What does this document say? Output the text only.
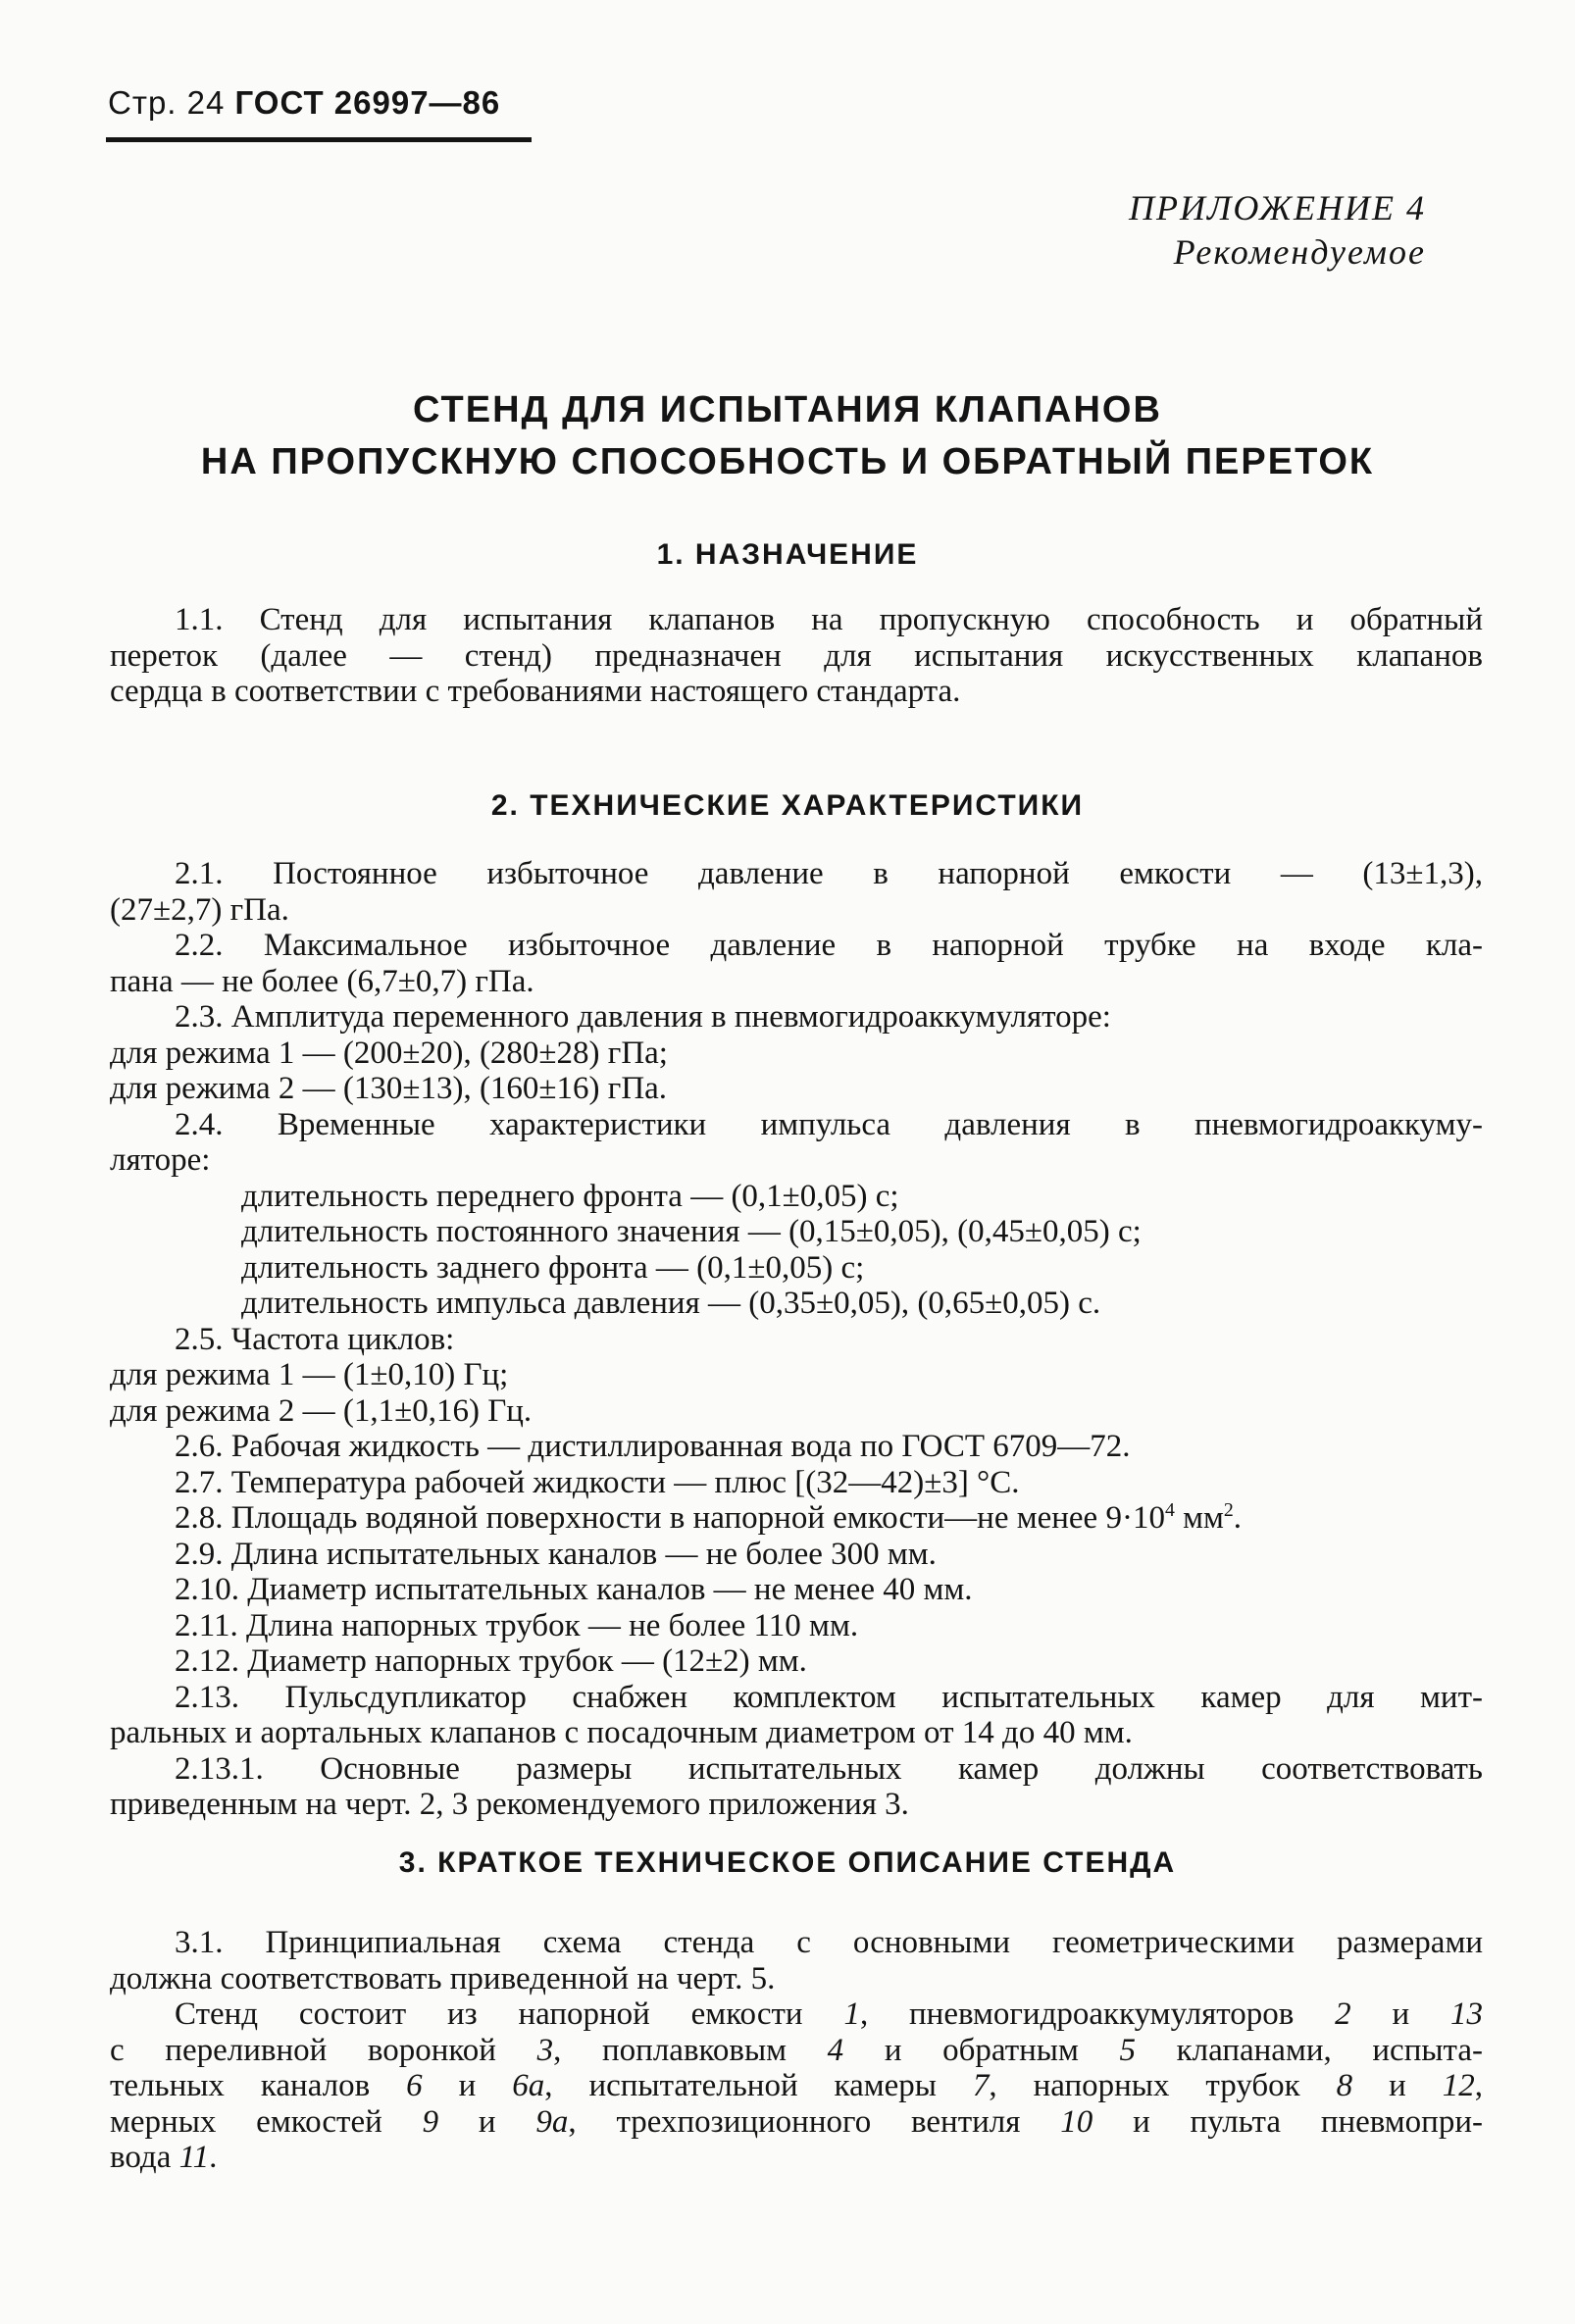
Стр. 24 ГОСТ 26997—86
ПРИЛОЖЕНИЕ 4
Рекомендуемое
СТЕНД ДЛЯ ИСПЫТАНИЯ КЛАПАНОВ
НА ПРОПУСКНУЮ СПОСОБНОСТЬ И ОБРАТНЫЙ ПЕРЕТОК
1. НАЗНАЧЕНИЕ

1.1. Стенд для испытания клапанов на пропускную способность и обратный

переток (далее — стенд) предназначен для испытания искусственных клапанов

сердца в соответствии с требованиями настоящего стандарта.

2. ТЕХНИЧЕСКИЕ ХАРАКТЕРИСТИКИ

2.1. Постоянное избыточное давление в напорной емкости — (13±1,3),

(27±2,7) гПа.

2.2. Максимальное избыточное давление в напорной трубке на входе кла-

пана — не более (6,7±0,7) гПа.

2.3. Амплитуда переменного давления в пневмогидроаккумуляторе:

для режима 1 — (200±20), (280±28) гПа;

для режима 2 — (130±13), (160±16) гПа.

2.4. Временные характеристики импульса давления в пневмогидроаккуму-

ляторе:

длительность переднего фронта — (0,1±0,05) с;

длительность постоянного значения — (0,15±0,05), (0,45±0,05) с;

длительность заднего фронта — (0,1±0,05) с;

длительность импульса давления — (0,35±0,05), (0,65±0,05) с.

2.5. Частота циклов:

для режима 1 — (1±0,10) Гц;

для режима 2 — (1,1±0,16) Гц.

2.6. Рабочая жидкость — дистиллированная вода по ГОСТ 6709—72.

2.7. Температура рабочей жидкости — плюс [(32—42)±3] °С.

2.8. Площадь водяной поверхности в напорной емкости—не менее $9\cdot 10^4$ $мм^2$.

2.9. Длина испытательных каналов — не более 300 мм.

2.10. Диаметр испытательных каналов — не менее 40 мм.

2.11. Длина напорных трубок — не более 110 мм.

2.12. Диаметр напорных трубок — (12±2) мм.

2.13. Пульсдупликатор снабжен комплектом испытательных камер для мит-

ральных и аортальных клапанов с посадочным диаметром от 14 до 40 мм.

2.13.1. Основные размеры испытательных камер должны соответствовать

приведенным на черт. 2, 3 рекомендуемого приложения 3.

3. КРАТКОЕ ТЕХНИЧЕСКОЕ ОПИСАНИЕ СТЕНДА

3.1. Принципиальная схема стенда с основными геометрическими размерами

должна соответствовать приведенной на черт. 5.

Стенд состоит из напорной емкости 1, пневмогидроаккумуляторов 2 и 13

с переливной воронкой 3, поплавковым 4 и обратным 5 клапанами, испыта-

тельных каналов 6 и 6а, испытательной камеры 7, напорных трубок 8 и 12,

мерных емкостей 9 и 9а, трехпозиционного вентиля 10 и пульта пневмопри-

вода 11.
